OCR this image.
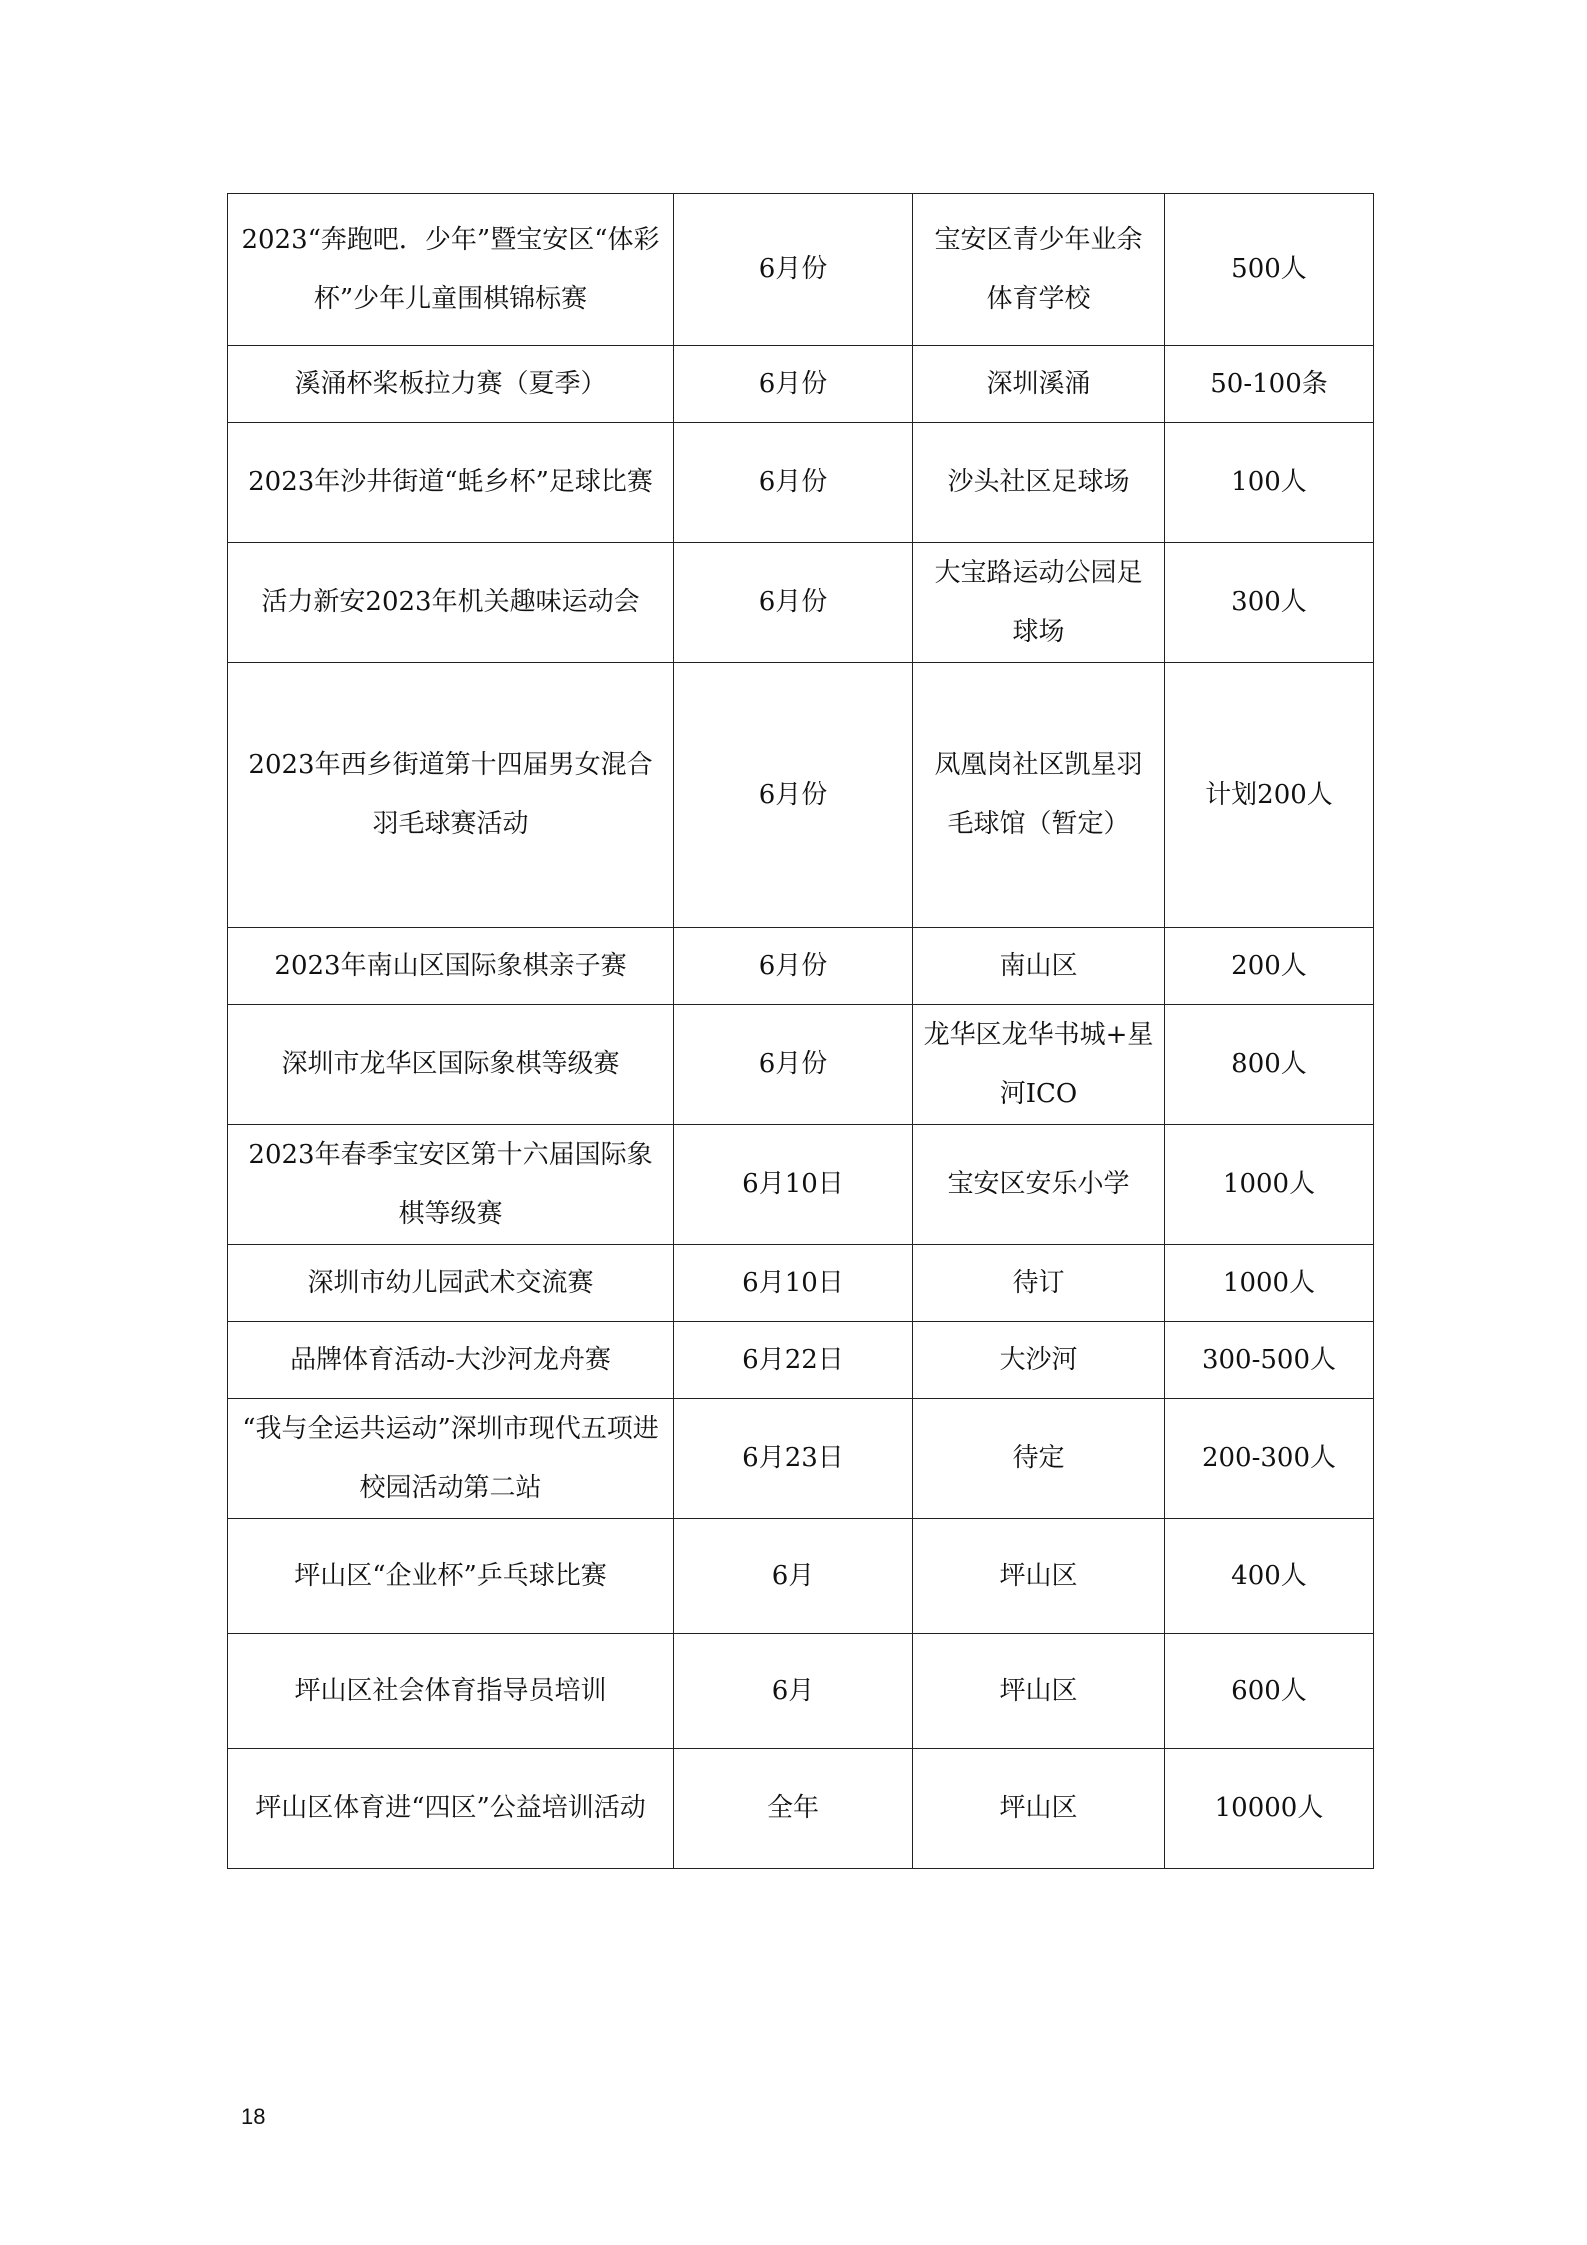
2023“奔跑吧．少年”暨宝安区“体彩杯”少年儿童围棋锦标赛	6月份	宝安区青少年业余体育学校	500人
溪涌杯桨板拉力赛（夏季）	6月份	深圳溪涌	50-100条
2023年沙井街道“蚝乡杯”足球比赛	6月份	沙头社区足球场	100人
活力新安2023年机关趣味运动会	6月份	大宝路运动公园足球场	300人
2023年西乡街道第十四届男女混合羽毛球赛活动	6月份	凤凰岗社区凯星羽毛球馆（暂定）	计划200人
2023年南山区国际象棋亲子赛	6月份	南山区	200人
深圳市龙华区国际象棋等级赛	6月份	龙华区龙华书城+星河ICO	800人
2023年春季宝安区第十六届国际象棋等级赛	6月10日	宝安区安乐小学	1000人
深圳市幼儿园武术交流赛	6月10日	待订	1000人
品牌体育活动-大沙河龙舟赛	6月22日	大沙河	300-500人
“我与全运共运动”深圳市现代五项进校园活动第二站	6月23日	待定	200-300人
坪山区“企业杯”乒乓球比赛	6月	坪山区	400人
坪山区社会体育指导员培训	6月	坪山区	600人
坪山区体育进“四区”公益培训活动	全年	坪山区	10000人
18
